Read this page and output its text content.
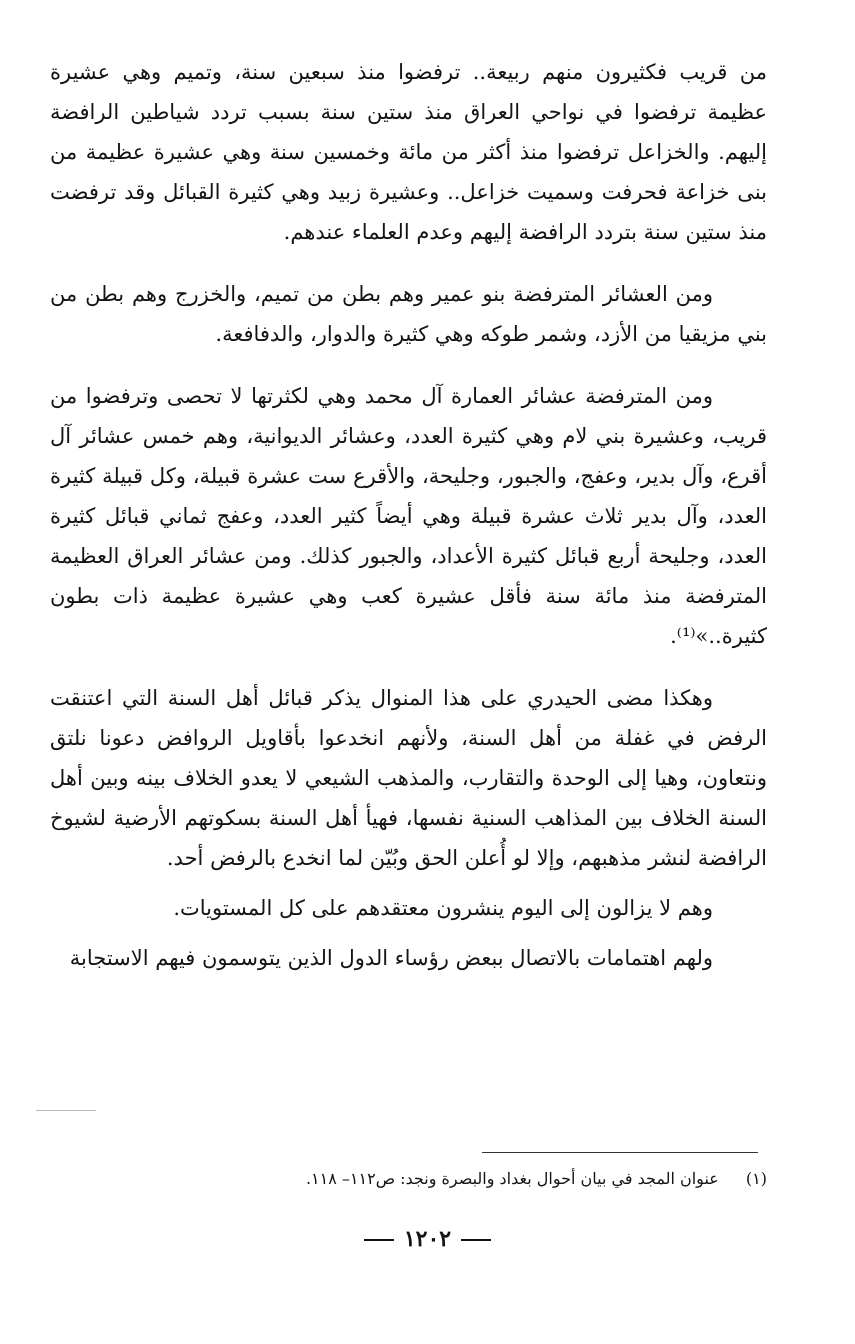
من قريب فكثيرون منهم ربيعة.. ترفضوا منذ سبعين سنة، وتميم وهي عشيرة عظيمة ترفضوا في نواحي العراق منذ ستين سنة بسبب تردد شياطين الرافضة إليهم. والخزاعل ترفضوا منذ أكثر من مائة وخمسين سنة وهي عشيرة عظيمة من بنى خزاعة فحرفت وسميت خزاعل.. وعشيرة زبيد وهي كثيرة القبائل وقد ترفضت منذ ستين سنة بتردد الرافضة إليهم وعدم العلماء عندهم.

ومن العشائر المترفضة بنو عمير وهم بطن من تميم، والخزرج وهم بطن من بني مزيقيا من الأزد، وشمر طوكه وهي كثيرة والدوار، والدفافعة.

ومن المترفضة عشائر العمارة آل محمد وهي لكثرتها لا تحصى وترفضوا من قريب، وعشيرة بني لام وهي كثيرة العدد، وعشائر الديوانية، وهم خمس عشائر آل أقرع، وآل بدير، وعفج، والجبور، وجليحة، والأقرع ست عشرة قبيلة، وكل قبيلة كثيرة العدد، وآل بدير ثلاث عشرة قبيلة وهي أيضاً كثير العدد، وعفج ثماني قبائل كثيرة العدد، وجليحة أربع قبائل كثيرة الأعداد، والجبور كذلك. ومن عشائر العراق العظيمة المترفضة منذ مائة سنة فأقل عشيرة كعب وهي عشيرة عظيمة ذات بطون كثيرة..»⁽¹⁾.

وهكذا مضى الحيدري على هذا المنوال يذكر قبائل أهل السنة التي اعتنقت الرفض في غفلة من أهل السنة، ولأنهم انخدعوا بأقاويل الروافض دعونا نلتق ونتعاون، وهيا إلى الوحدة والتقارب، والمذهب الشيعي لا يعدو الخلاف بينه وبين أهل السنة الخلاف بين المذاهب السنية نفسها، فهيأ أهل السنة بسكوتهم الأرضية لشيوخ الرافضة لنشر مذهبهم، وإلا لو أُعلن الحق وبُيّن لما انخدع بالرفض أحد.

وهم لا يزالون إلى اليوم ينشرون معتقدهم على كل المستويات.

ولهم اهتمامات بالاتصال ببعض رؤساء الدول الذين يتوسمون فيهم الاستجابة

(١) عنوان المجد في بيان أحوال بغداد والبصرة ونجد: ص١١٢– ١١٨.
١٢٠٢
